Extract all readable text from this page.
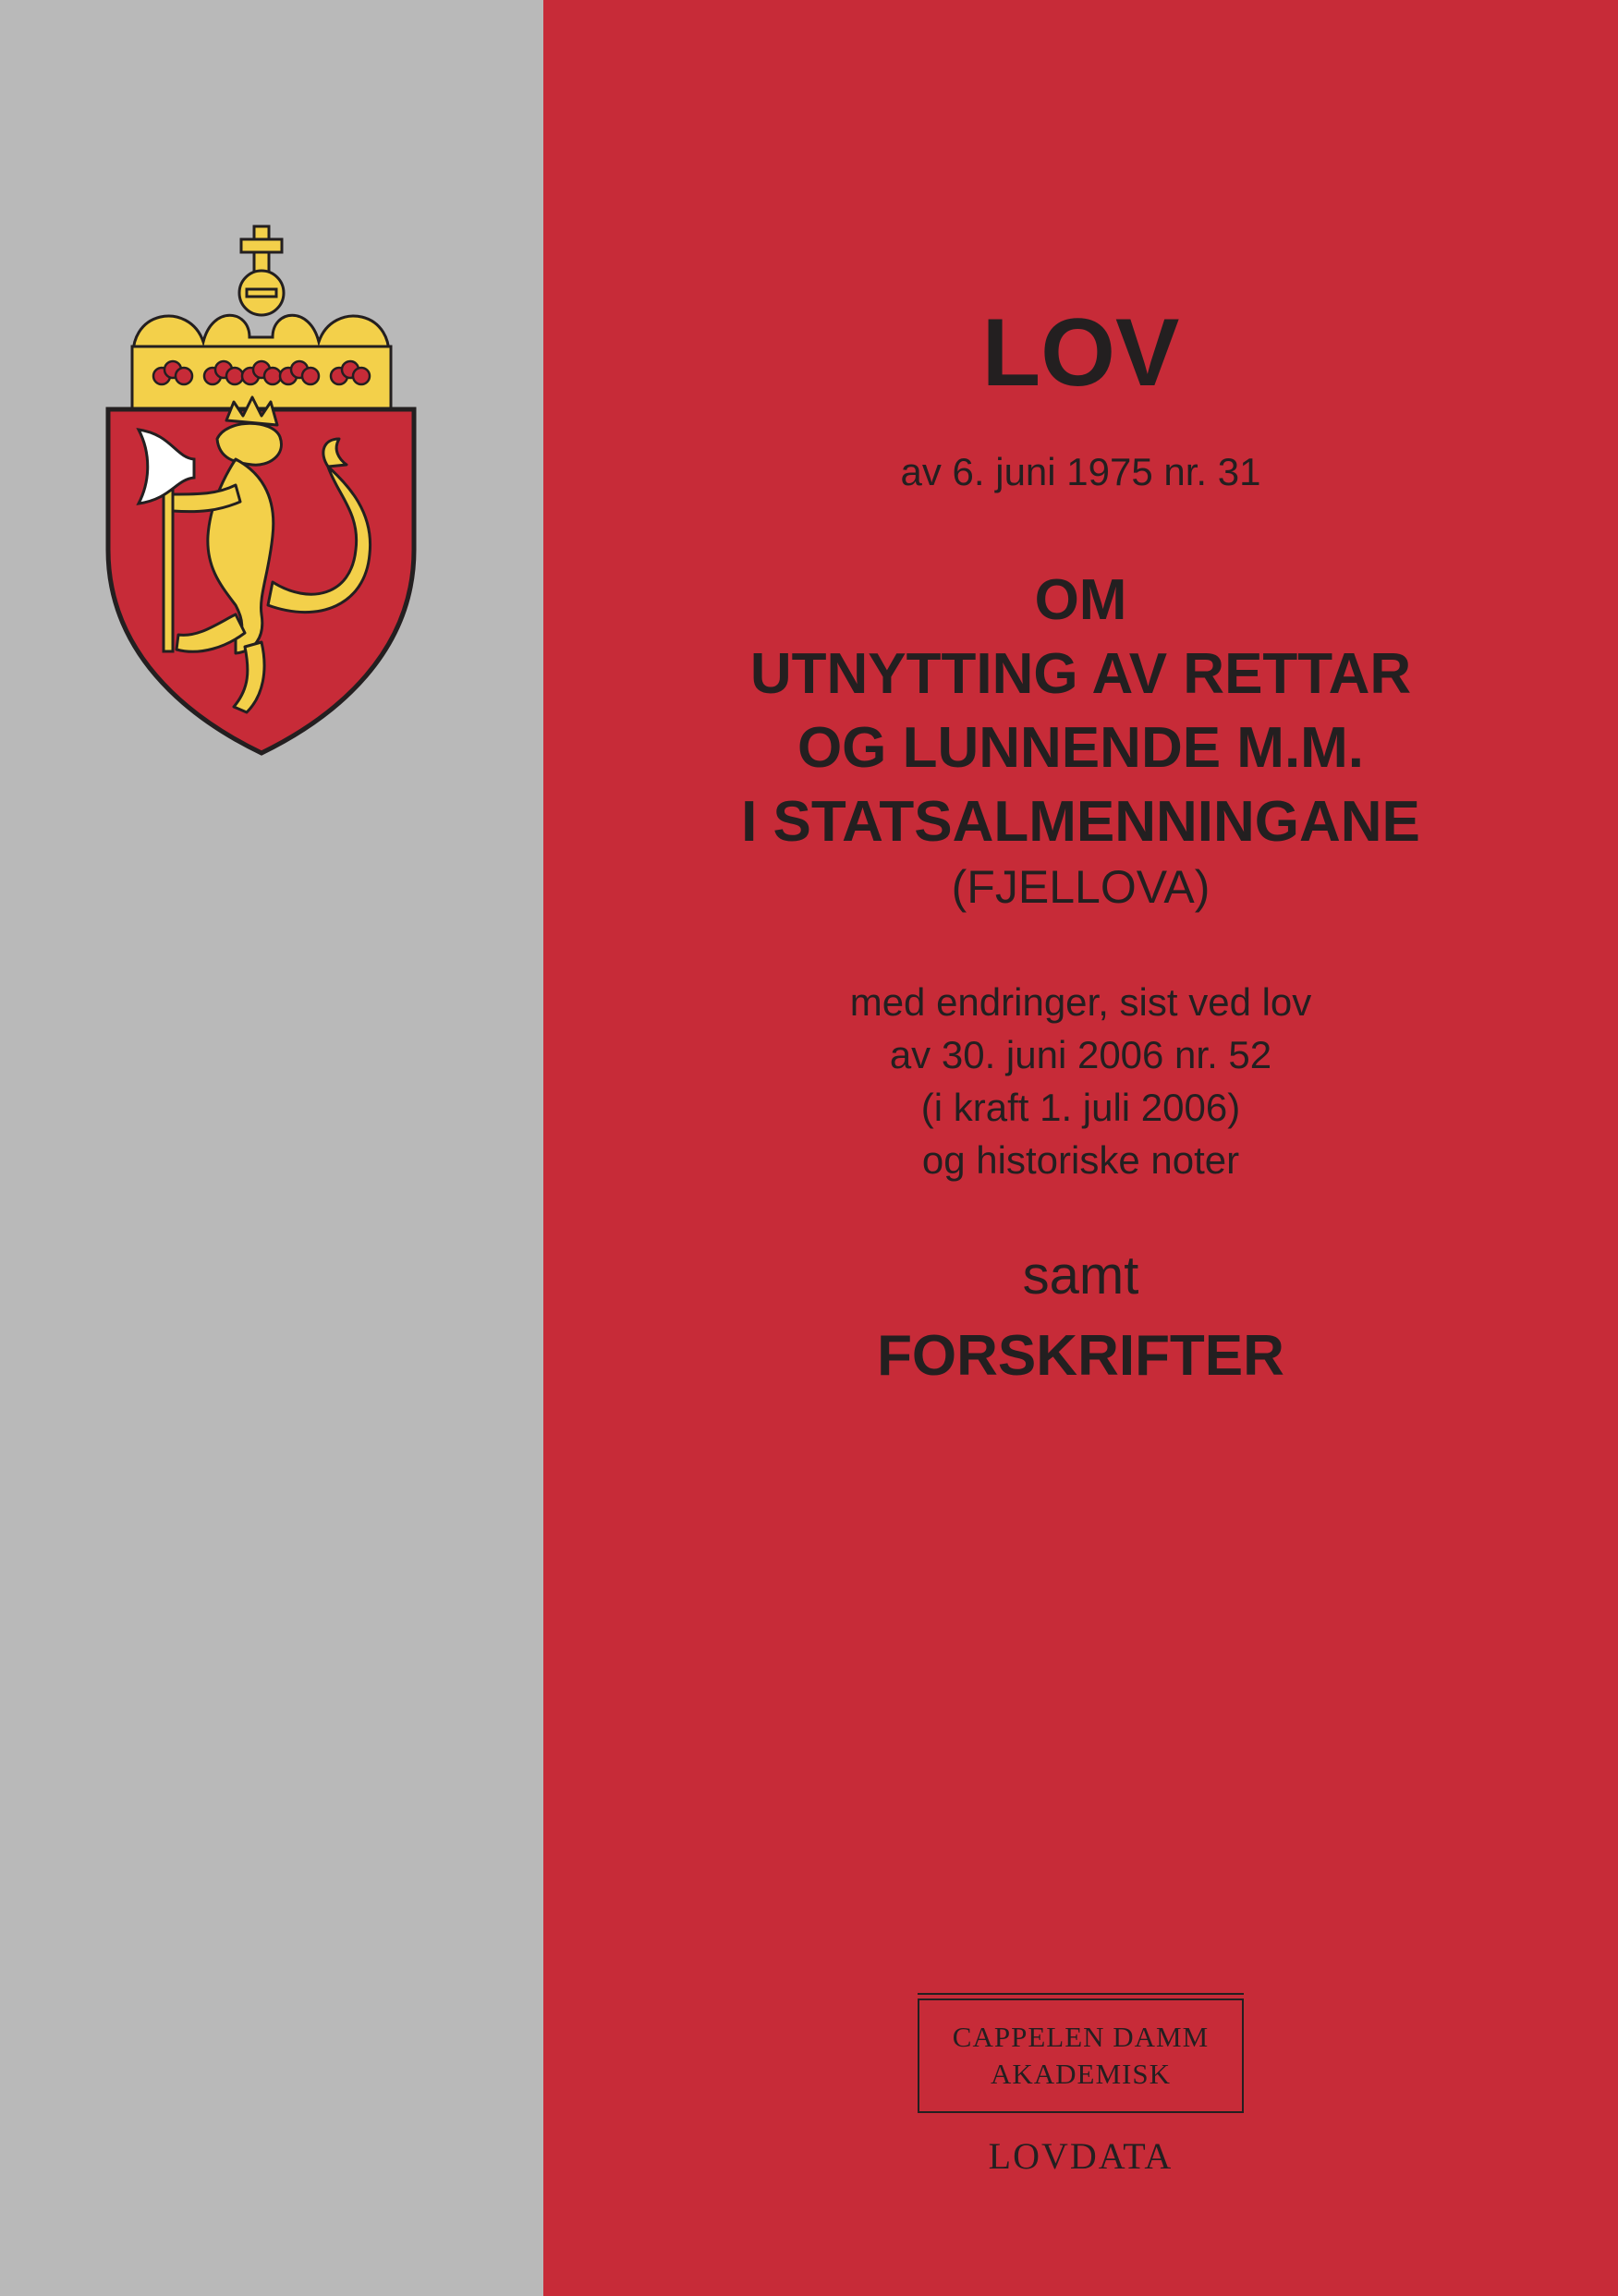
LOV
av 6. juni 1975 nr. 31
OM
UTNYTTING AV RETTAR
OG LUNNENDE M.M.
I STATSALMENNINGANE
(FJELLOVA)
med endringer, sist ved lov
av 30. juni 2006 nr. 52
(i kraft 1. juli 2006)
og historiske noter
samt
FORSKRIFTER
CAPPELEN DAMM
AKADEMISK
LOVDATA
